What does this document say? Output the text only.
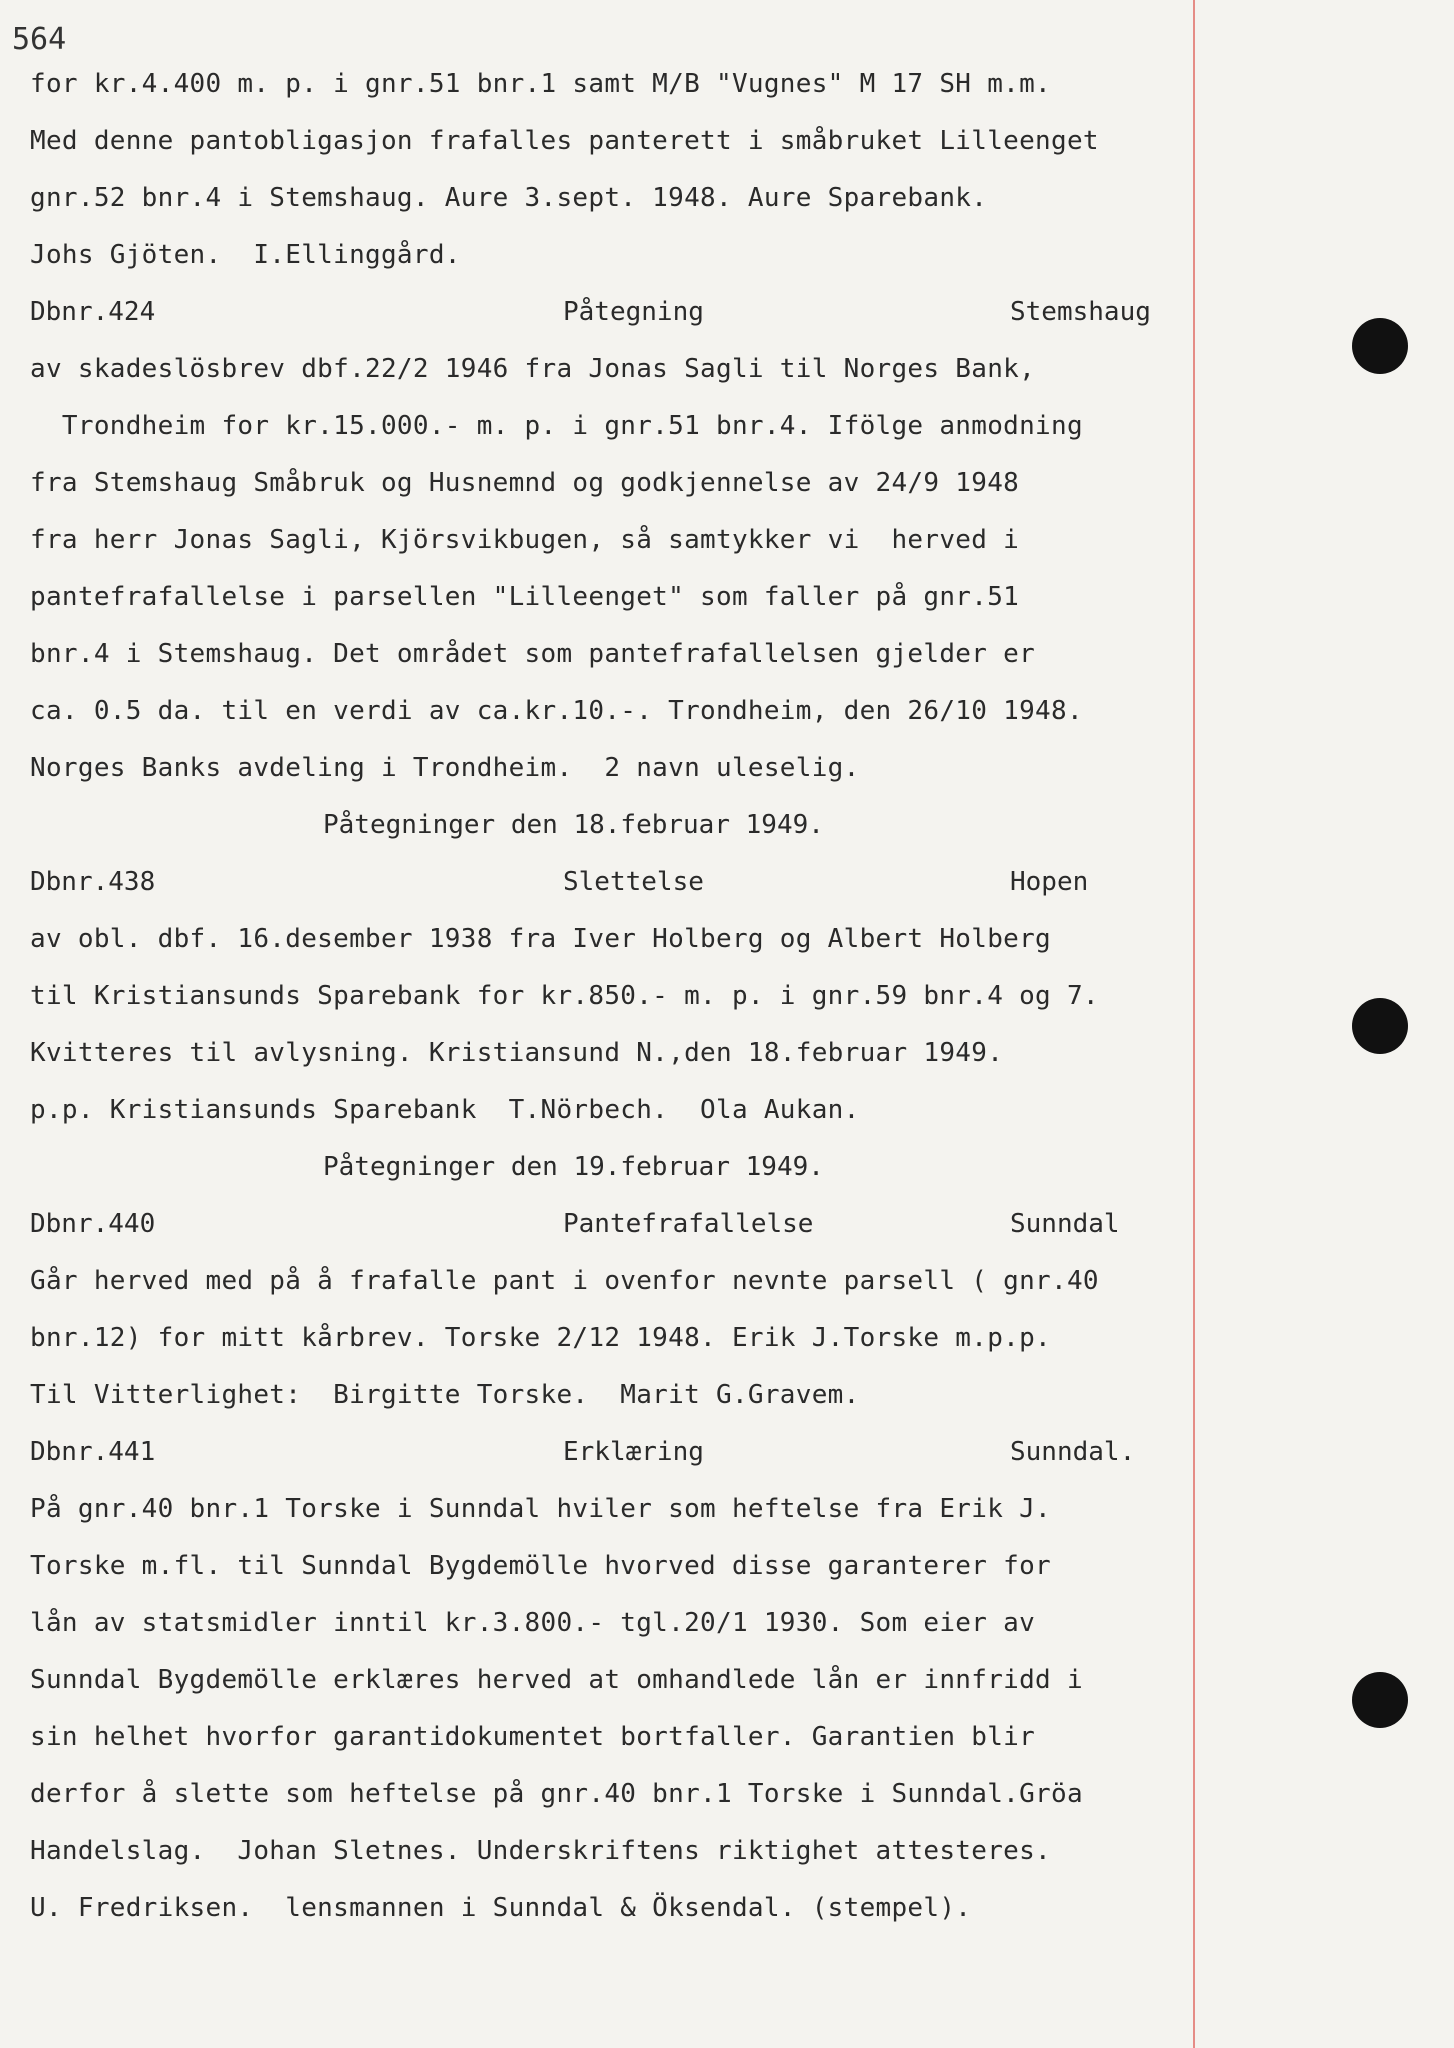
564
for kr.4.400 m. p. i gnr.51 bnr.1 samt M/B "Vugnes" M 17 SH m.m.
Med denne pantobligasjon frafalles panterett i småbruket Lilleenget
gnr.52 bnr.4 i Stemshaug. Aure 3.sept. 1948. Aure Sparebank.
Johs Gjöten.  I.Ellinggård.
Dbnr.424	Påtegning	Stemshaug
av skadeslösbrev dbf.22/2 1946 fra Jonas Sagli til Norges Bank,
Trondheim for kr.15.000.- m. p. i gnr.51 bnr.4. Ifölge anmodning
fra Stemshaug Småbruk og Husnemnd og godkjennelse av 24/9 1948
fra herr Jonas Sagli, Kjörsvikbugen, så samtykker vi  herved i
pantefrafallelse i parsellen "Lilleenget" som faller på gnr.51
bnr.4 i Stemshaug. Det området som pantefrafallelsen gjelder er
ca. 0.5 da. til en verdi av ca.kr.10.-. Trondheim, den 26/10 1948.
Norges Banks avdeling i Trondheim.  2 navn uleselig.
Påtegninger den 18.februar 1949.
Dbnr.438	Slettelse	Hopen
av obl. dbf. 16.desember 1938 fra Iver Holberg og Albert Holberg
til Kristiansunds Sparebank for kr.850.- m. p. i gnr.59 bnr.4 og 7.
Kvitteres til avlysning. Kristiansund N.,den 18.februar 1949.
p.p. Kristiansunds Sparebank  T.Nörbech.  Ola Aukan.
Påtegninger den 19.februar 1949.
Dbnr.440	Pantefrafallelse	Sunndal
Går herved med på å frafalle pant i ovenfor nevnte parsell ( gnr.40
bnr.12) for mitt kårbrev. Torske 2/12 1948. Erik J.Torske m.p.p.
Til Vitterlighet:  Birgitte Torske.  Marit G.Gravem.
Dbnr.441	Erklæring	Sunndal.
På gnr.40 bnr.1 Torske i Sunndal hviler som heftelse fra Erik J.
Torske m.fl. til Sunndal Bygdemölle hvorved disse garanterer for
lån av statsmidler inntil kr.3.800.- tgl.20/1 1930. Som eier av
Sunndal Bygdemölle erklæres herved at omhandlede lån er innfridd i
sin helhet hvorfor garantidokumentet bortfaller. Garantien blir
derfor å slette som heftelse på gnr.40 bnr.1 Torske i Sunndal.Gröa
Handelslag.  Johan Sletnes. Underskriftens riktighet attesteres.
U. Fredriksen.  lensmannen i Sunndal & Öksendal. (stempel).
